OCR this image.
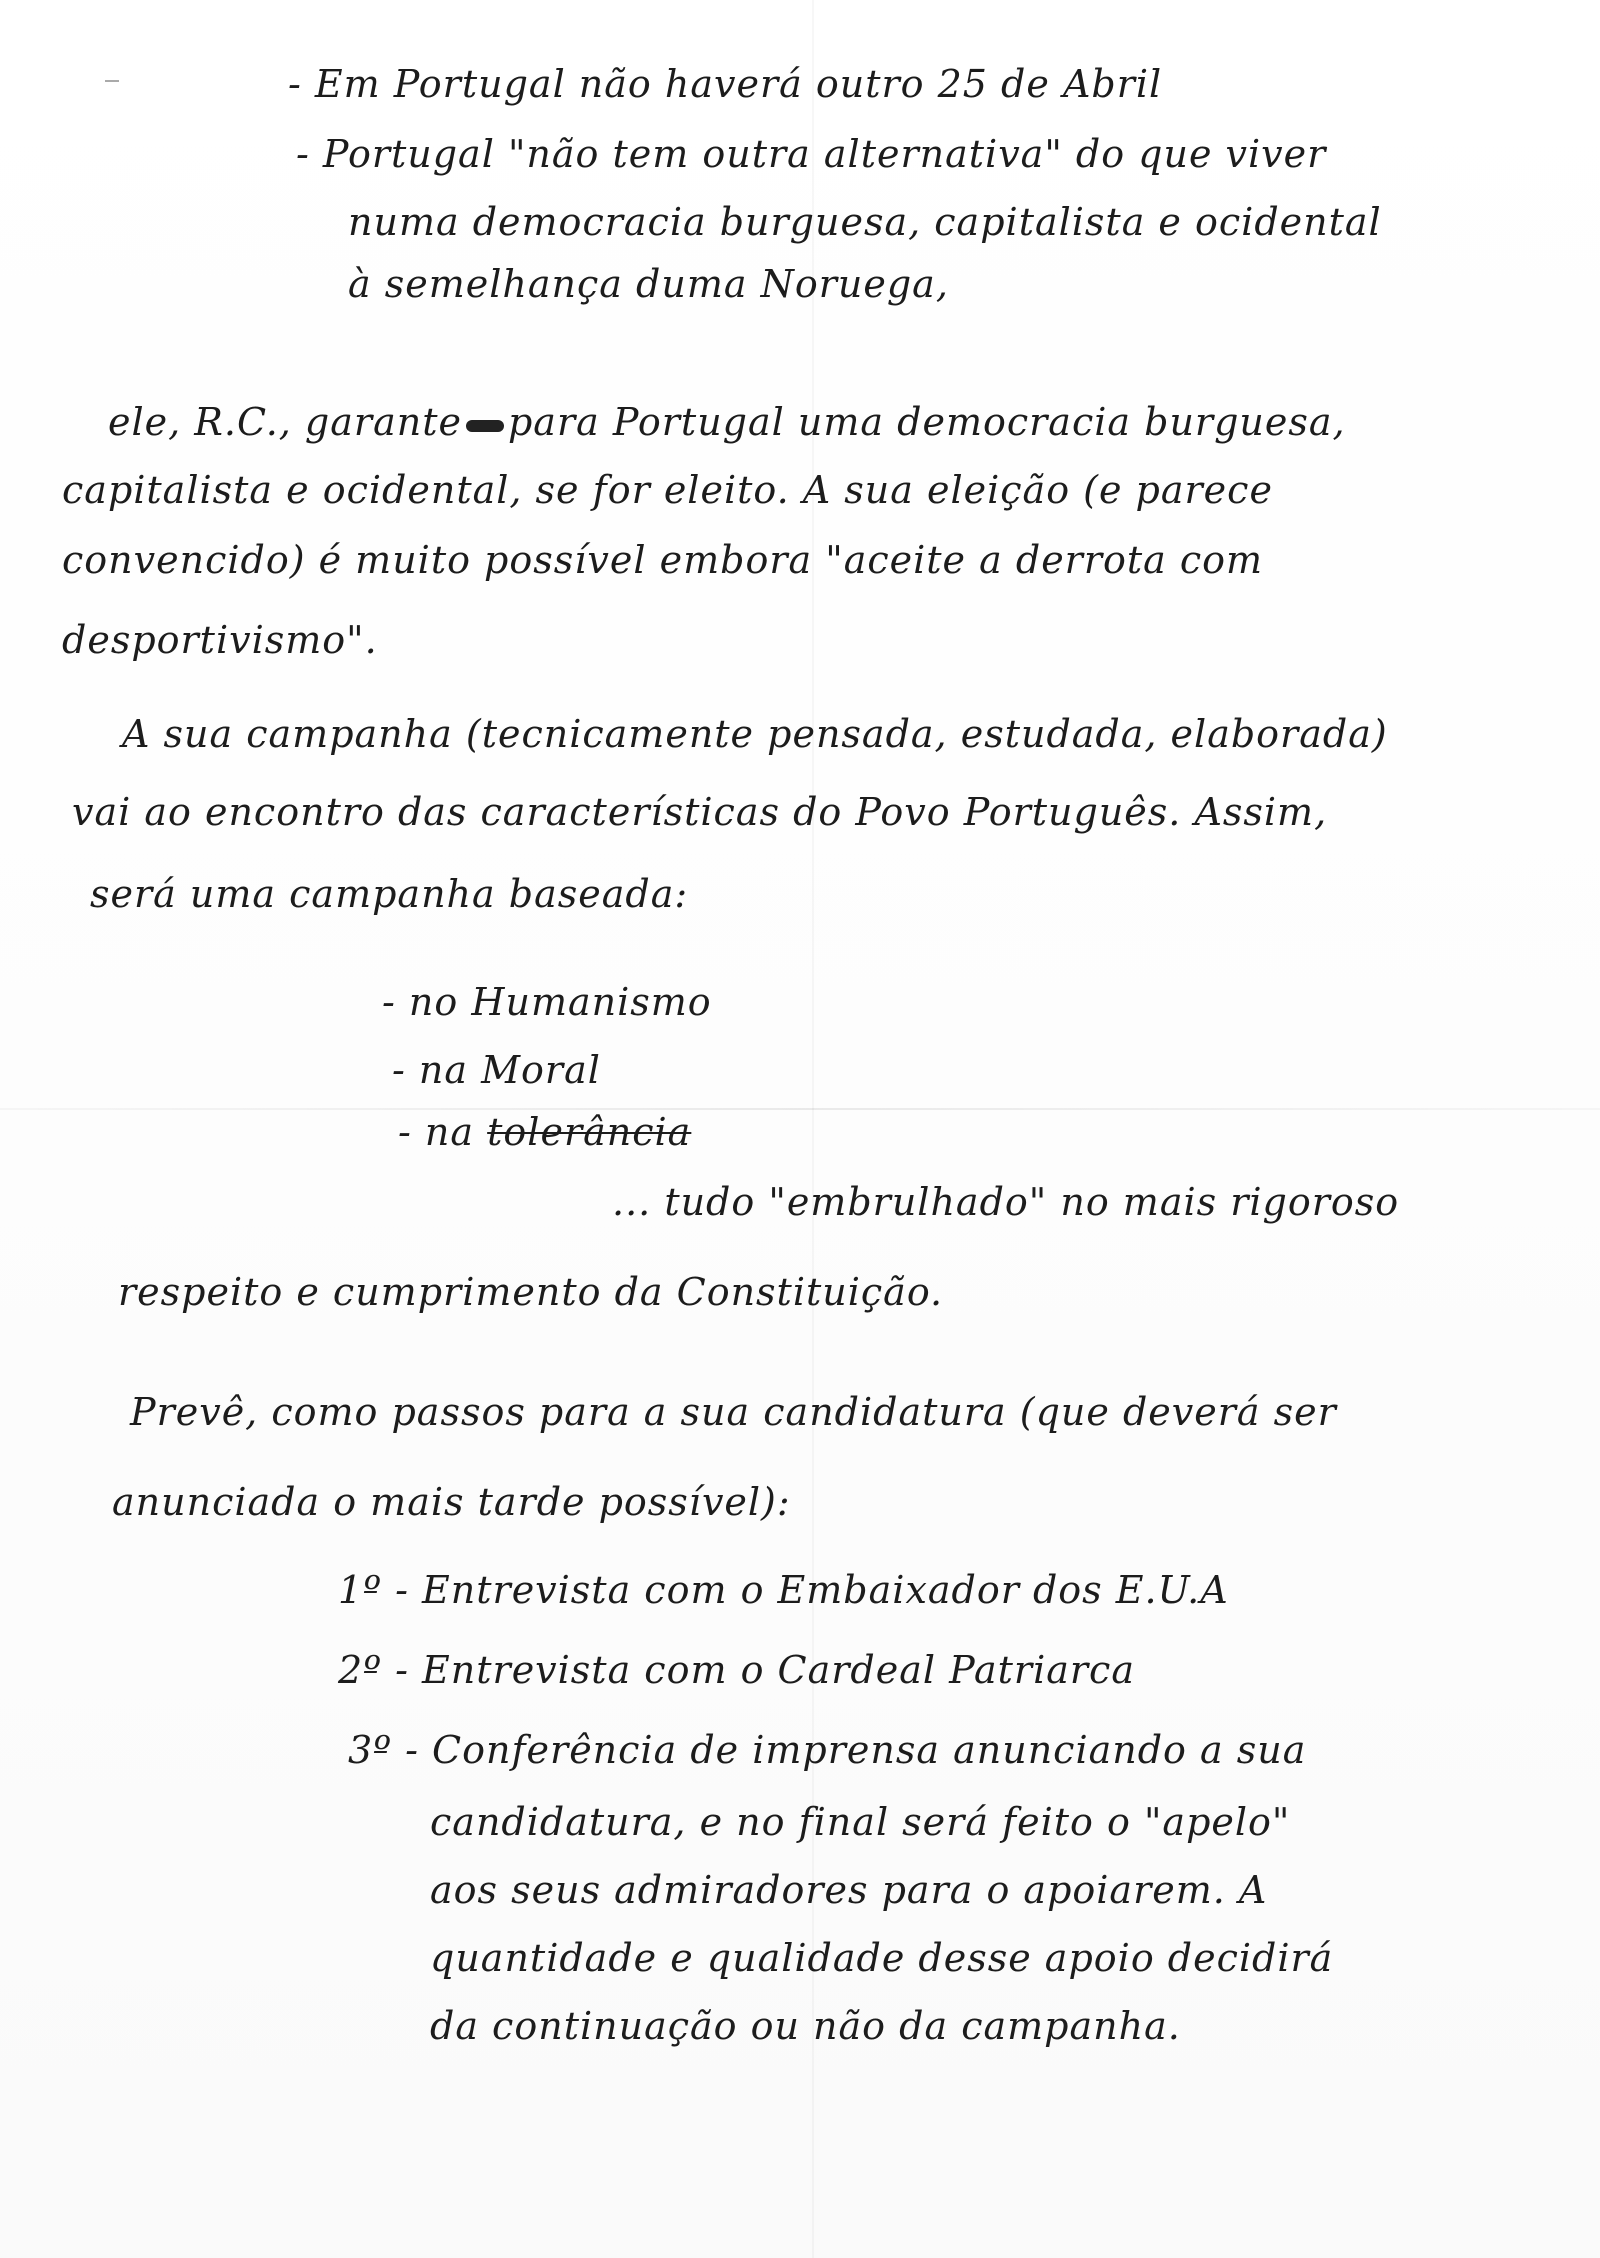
- Em Portugal não haverá outro 25 de Abril
- Portugal "não tem outra alternativa" do que viver
numa democracia burguesa, capitalista e ocidental
à semelhança duma Noruega,
ele, R.C., garante para Portugal uma democracia burguesa,
capitalista e ocidental, se for eleito. A sua eleição (e parece
convencido) é muito possível embora "aceite a derrota com
desportivismo".
A sua campanha (tecnicamente pensada, estudada, elaborada)
vai ao encontro das características do Povo Português. Assim,
será uma campanha baseada:
- no Humanismo
- na Moral
- na tolerância
... tudo "embrulhado" no mais rigoroso
respeito e cumprimento da Constituição.
Prevê, como passos para a sua candidatura (que deverá ser
anunciada o mais tarde possível):
1º - Entrevista com o Embaixador dos E.U.A
2º - Entrevista com o Cardeal Patriarca
3º - Conferência de imprensa anunciando a sua
candidatura, e no final será feito o "apelo"
aos seus admiradores para o apoiarem. A
quantidade e qualidade desse apoio decidirá
da continuação ou não da campanha.
